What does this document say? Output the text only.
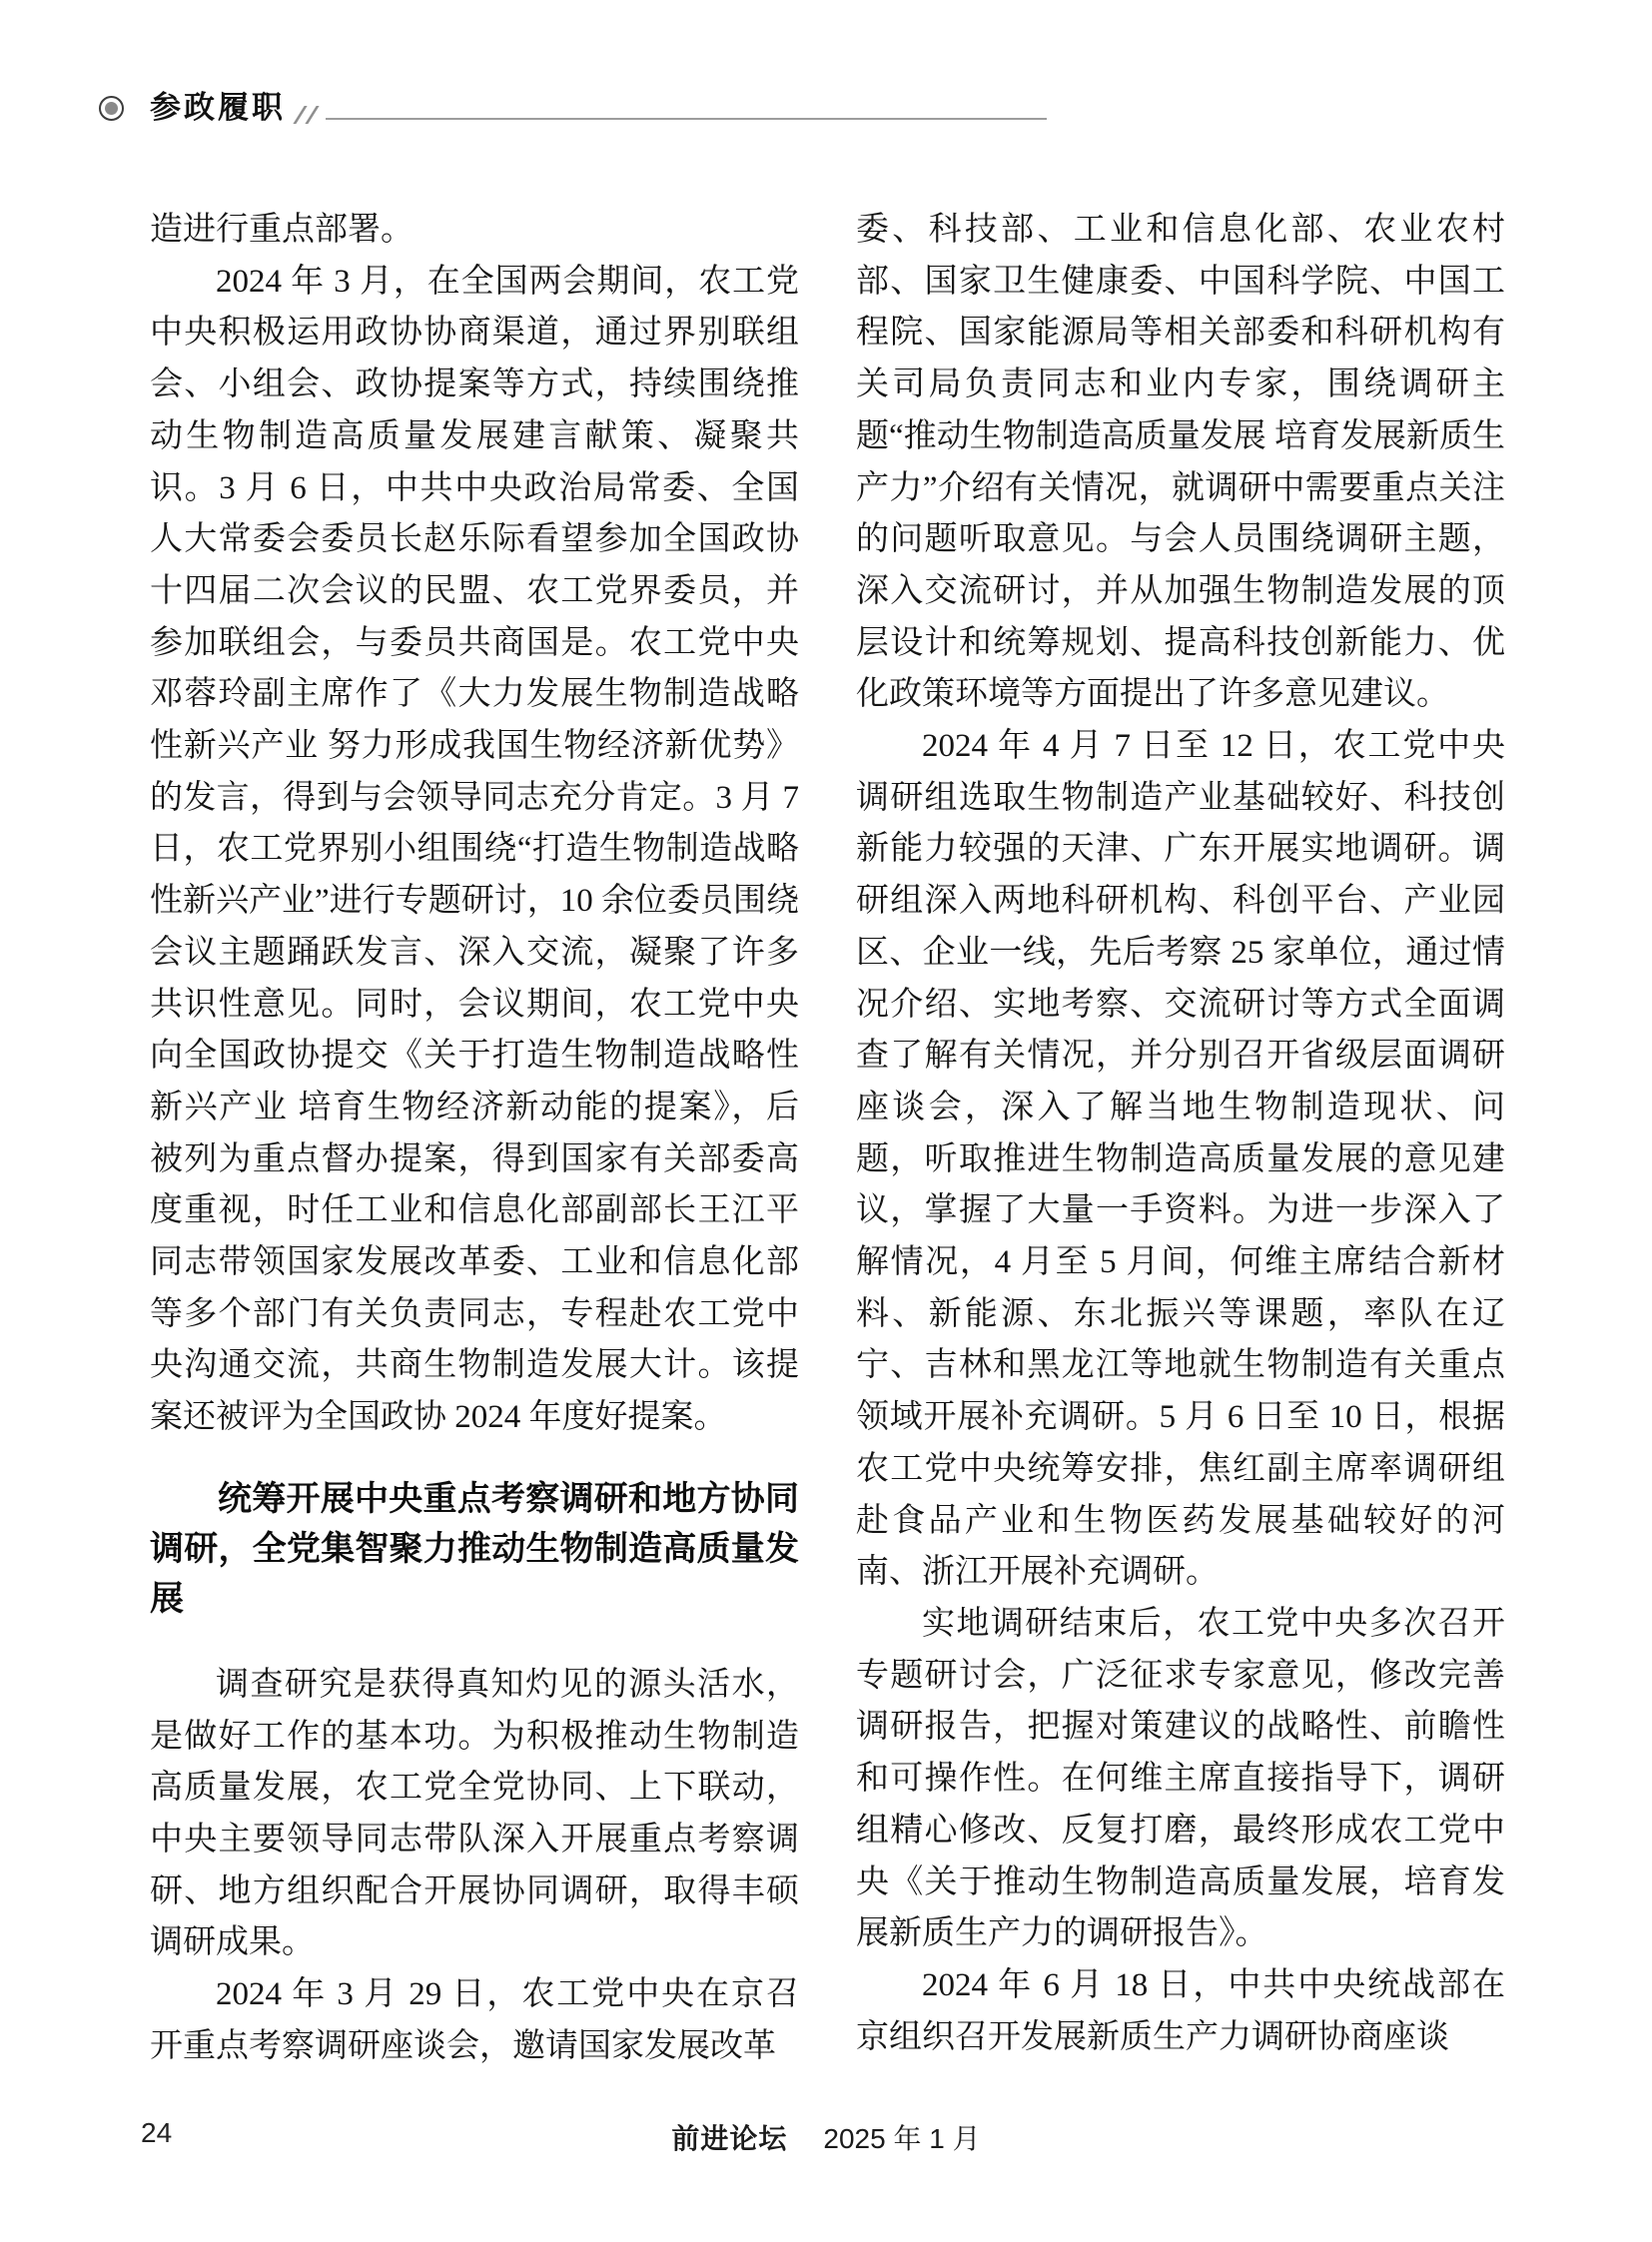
参政履职

造进行重点部署。

2024 年 3 月，在全国两会期间，农工党中央积极运用政协协商渠道，通过界别联组会、小组会、政协提案等方式，持续围绕推动生物制造高质量发展建言献策、凝聚共识。3 月 6 日，中共中央政治局常委、全国人大常委会委员长赵乐际看望参加全国政协十四届二次会议的民盟、农工党界委员，并参加联组会，与委员共商国是。农工党中央邓蓉玲副主席作了《大力发展生物制造战略性新兴产业 努力形成我国生物经济新优势》的发言，得到与会领导同志充分肯定。3 月 7 日，农工党界别小组围绕“打造生物制造战略性新兴产业”进行专题研讨，10 余位委员围绕会议主题踊跃发言、深入交流，凝聚了许多共识性意见。同时，会议期间，农工党中央向全国政协提交《关于打造生物制造战略性新兴产业 培育生物经济新动能的提案》，后被列为重点督办提案，得到国家有关部委高度重视，时任工业和信息化部副部长王江平同志带领国家发展改革委、工业和信息化部等多个部门有关负责同志，专程赴农工党中央沟通交流，共商生物制造发展大计。该提案还被评为全国政协 2024 年度好提案。

统筹开展中央重点考察调研和地方协同调研，全党集智聚力推动生物制造高质量发展

调查研究是获得真知灼见的源头活水，是做好工作的基本功。为积极推动生物制造高质量发展，农工党全党协同、上下联动，中央主要领导同志带队深入开展重点考察调研、地方组织配合开展协同调研，取得丰硕调研成果。

2024 年 3 月 29 日，农工党中央在京召开重点考察调研座谈会，邀请国家发展改革

委、科技部、工业和信息化部、农业农村部、国家卫生健康委、中国科学院、中国工程院、国家能源局等相关部委和科研机构有关司局负责同志和业内专家，围绕调研主题“推动生物制造高质量发展 培育发展新质生产力”介绍有关情况，就调研中需要重点关注的问题听取意见。与会人员围绕调研主题，深入交流研讨，并从加强生物制造发展的顶层设计和统筹规划、提高科技创新能力、优化政策环境等方面提出了许多意见建议。

2024 年 4 月 7 日至 12 日，农工党中央调研组选取生物制造产业基础较好、科技创新能力较强的天津、广东开展实地调研。调研组深入两地科研机构、科创平台、产业园区、企业一线，先后考察 25 家单位，通过情况介绍、实地考察、交流研讨等方式全面调查了解有关情况，并分别召开省级层面调研座谈会，深入了解当地生物制造现状、问题，听取推进生物制造高质量发展的意见建议，掌握了大量一手资料。为进一步深入了解情况，4 月至 5 月间，何维主席结合新材料、新能源、东北振兴等课题，率队在辽宁、吉林和黑龙江等地就生物制造有关重点领域开展补充调研。5 月 6 日至 10 日，根据农工党中央统筹安排，焦红副主席率调研组赴食品产业和生物医药发展基础较好的河南、浙江开展补充调研。

实地调研结束后，农工党中央多次召开专题研讨会，广泛征求专家意见，修改完善调研报告，把握对策建议的战略性、前瞻性和可操作性。在何维主席直接指导下，调研组精心修改、反复打磨，最终形成农工党中央《关于推动生物制造高质量发展，培育发展新质生产力的调研报告》。

2024 年 6 月 18 日，中共中央统战部在京组织召开发展新质生产力调研协商座谈

24	前进论坛 2025 年 1 月
